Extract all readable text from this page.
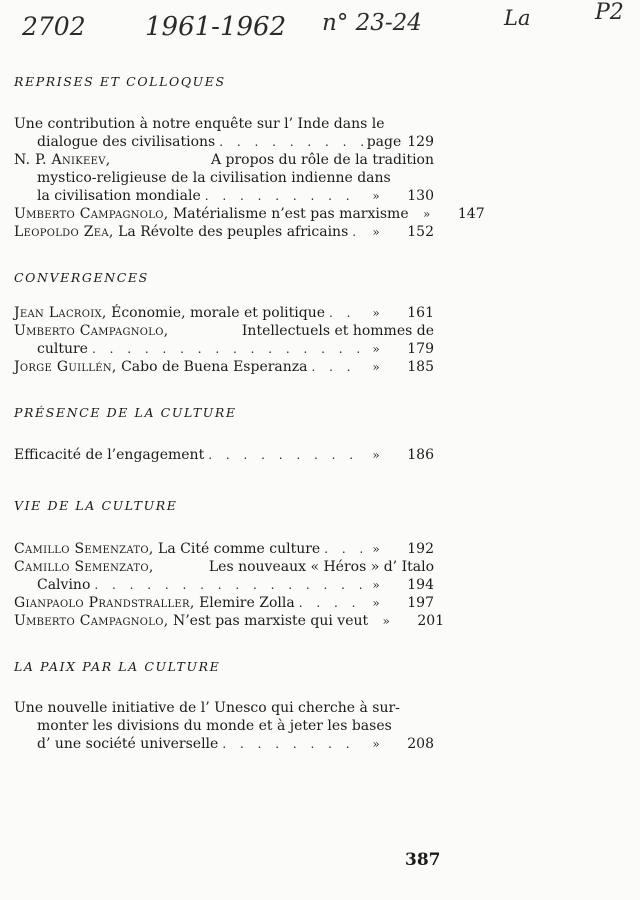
2702 1961-1962 n° 23-24	La	P2
REPRISES ET COLLOQUES
Une contribution à notre enquête sur l’ Inde dans le
dialogue des civilisations . . .	page 129
N. P. Anikeev,	A propos du rôle de la tradition
mystico-religieuse de la civilisation indienne dans
la civilisation mondiale . . .	»	130
Umberto Campagnolo, Matérialisme n’est pas marxisme	»	147
Leopoldo Zea, La Révolte des peuples africains . . .	»	152
CONVERGENCES
Jean Lacroix, Économie, morale et politique . . .	»	161
Umberto Campagnolo,	Intellectuels et hommes de
culture . . .	»	179
Jorge Guillén, Cabo de Buena Esperanza . . .	»	185
PRÉSENCE DE LA CULTURE
Efficacité de l’engagement . . .	»	186
VIE DE LA CULTURE
Camillo Semenzato, La Cité comme culture . . .	»	192
Camillo Semenzato,	Les nouveaux « Héros » d’ Italo
Calvino . . .	»	194
Gianpaolo Prandstraller, Elemire Zolla . . .	»	197
Umberto Campagnolo, N’est pas marxiste qui veut	»	201
LA PAIX PAR LA CULTURE
Une nouvelle initiative de l’ Unesco qui cherche à sur-
monter les divisions du monde et à jeter les bases
d’ une société universelle . . .	»	208
387
